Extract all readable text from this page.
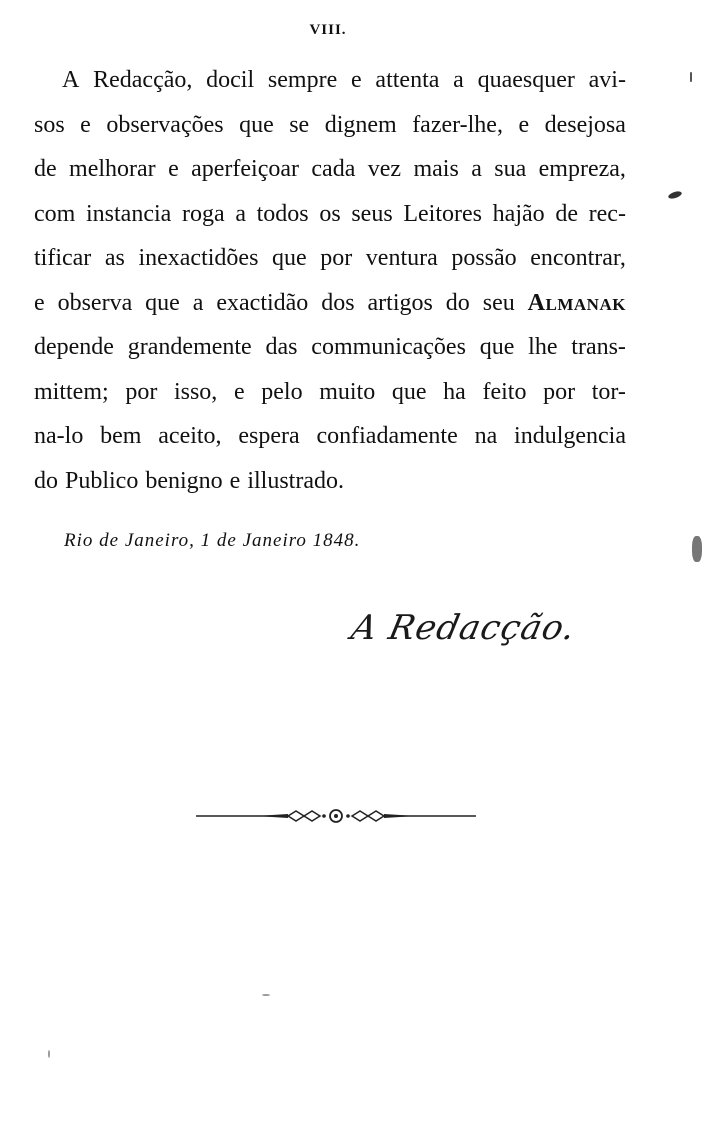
VIII.
A Redacção, docil sempre e attenta a quaesquer avi-
sos e observações que se dignem fazer-lhe, e desejosa
de melhorar e aperfeiçoar cada vez mais a sua empreza,
com instancia roga a todos os seus Leitores hajão de rec-
tificar as inexactidões que por ventura possão encontrar,
e observa que a exactidão dos artigos do seu Almanak
depende grandemente das communicações que lhe trans-
mittem; por isso, e pelo muito que ha feito por tor-
na-lo bem aceito, espera confiadamente na indulgencia
do Publico benigno e illustrado.
Rio de Janeiro, 1 de Janeiro 1848.
A Redacção.
